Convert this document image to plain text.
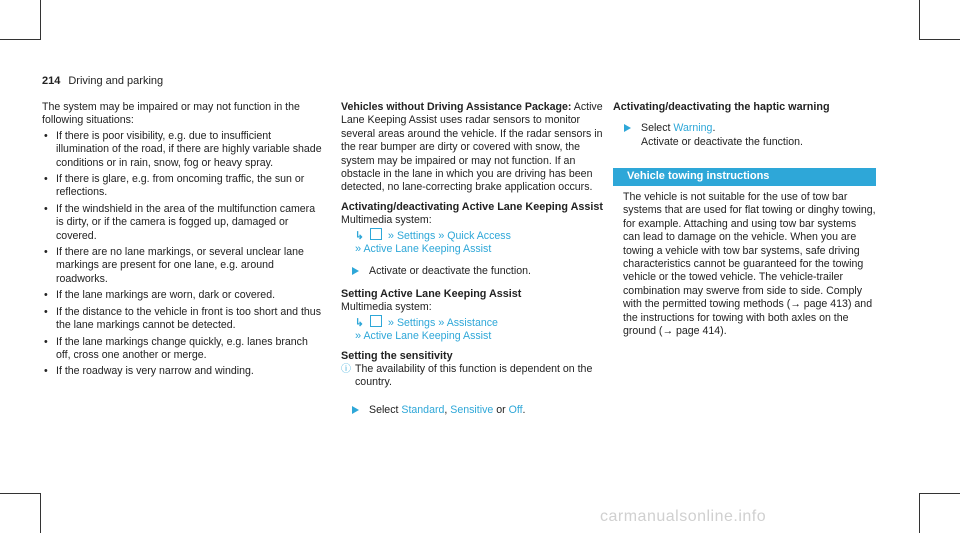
214 Driving and parking
The system may be impaired or may not function in the following situations:
• If there is poor visibility, e.g. due to insufficient illumination of the road, if there are highly variable shade conditions or in rain, snow, fog or heavy spray.
• If there is glare, e.g. from oncoming traffic, the sun or reflections.
• If the windshield in the area of the multifunction camera is dirty, or if the camera is fogged up, damaged or covered.
• If there are no lane markings, or several unclear lane markings are present for one lane, e.g. around roadworks.
• If the lane markings are worn, dark or covered.
• If the distance to the vehicle in front is too short and thus the lane markings cannot be detected.
• If the lane markings change quickly, e.g. lanes branch off, cross one another or merge.
• If the roadway is very narrow and winding.
Vehicles without Driving Assistance Package: Active Lane Keeping Assist uses radar sensors to monitor several areas around the vehicle. If the radar sensors in the rear bumper are dirty or covered with snow, the system may be impaired or may not function. If an obstacle in the lane in which you are driving has been detected, no lane-correcting brake application occurs.
Activating/deactivating Active Lane Keeping Assist
Multimedia system:
↳ » Settings » Quick Access
» Active Lane Keeping Assist
Activate or deactivate the function.
Setting Active Lane Keeping Assist
Multimedia system:
↳ » Settings » Assistance
» Active Lane Keeping Assist
Setting the sensitivity
ⓘ The availability of this function is dependent on the country.
Select Standard, Sensitive or Off.
Activating/deactivating the haptic warning
Select Warning.
Activate or deactivate the function.
Vehicle towing instructions
The vehicle is not suitable for the use of tow bar systems that are used for flat towing or dinghy towing, for example. Attaching and using tow bar systems can lead to damage on the vehicle. When you are towing a vehicle with tow bar systems, safe driving characteristics cannot be guaranteed for the towing vehicle or the towed vehicle. The vehicle-trailer combination may swerve from side to side. Comply with the permitted towing methods (→ page 413) and the instructions for towing with both axles on the ground (→ page 414).
carmanualsonline.info
